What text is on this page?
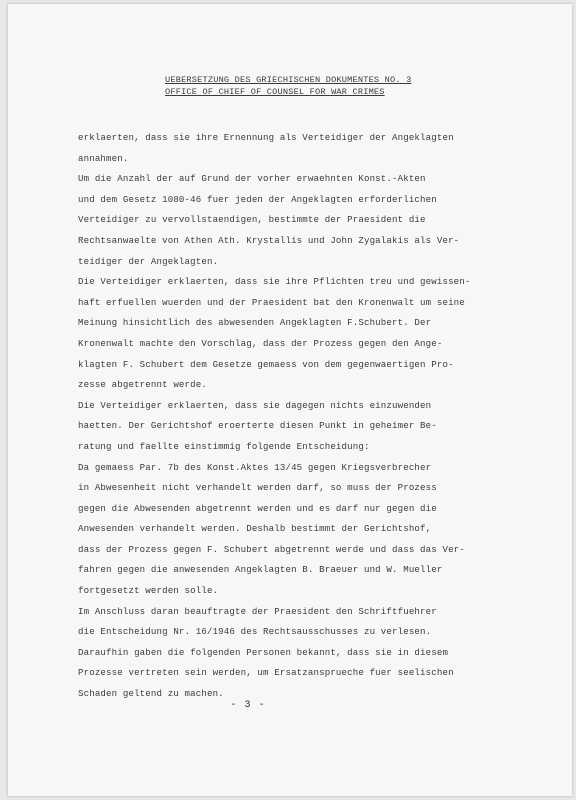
UEBERSETZUNG DES GRIECHISCHEN DOKUMENTES NO. 3
OFFICE OF CHIEF OF COUNSEL FOR WAR CRIMES
erklaerten, dass sie ihre Ernennung als Verteidiger der Angeklagten
annahmen.
Um die Anzahl der auf Grund der vorher erwaehnten Konst.-Akten
und dem Gesetz 1080-46 fuer jeden der Angeklagten erforderlichen
Verteidiger zu vervollstaendigen, bestimmte der Praesident die
Rechtsanwaelte von Athen Ath. Krystallis und John Zygalakis als Ver-
teidiger der Angeklagten.
Die Verteidiger erklaerten, dass sie ihre Pflichten treu und gewissen-
haft erfuellen wuerden und der Praesident bat den Kronenwalt um seine
Meinung hinsichtlich des abwesenden Angeklagten F.Schubert. Der
Kronenwalt machte den Vorschlag, dass der Prozess gegen den Ange-
klagten F. Schubert dem Gesetze gemaess von dem gegenwaertigen Pro-
zesse abgetrennt werde.
Die Verteidiger erklaerten, dass sie dagegen nichts einzuwenden
haetten. Der Gerichtshof eroerterte diesen Punkt in geheimer Be-
ratung und faellte einstimmig folgende Entscheidung:
Da gemaess Par. 7b des Konst.Aktes 13/45 gegen Kriegsverbrecher
in Abwesenheit nicht verhandelt werden darf, so muss der Prozess
gegen die Abwesenden abgetrennt werden und es darf nur gegen die
Anwesenden verhandelt werden. Deshalb bestimmt der Gerichtshof,
dass der Prozess gegen F. Schubert abgetrennt werde und dass das Ver-
fahren gegen die anwesenden Angeklagten B. Braeuer und W. Mueller
fortgesetzt werden solle.
Im Anschluss daran beauftragte der Praesident den Schriftfuehrer
die Entscheidung Nr. 16/1946 des Rechtsausschusses zu verlesen.
Daraufhin gaben die folgenden Personen bekannt, dass sie in diesem
Prozesse vertreten sein werden, um Ersatzansprueche fuer seelischen
Schaden geltend zu machen.
- 3 -
